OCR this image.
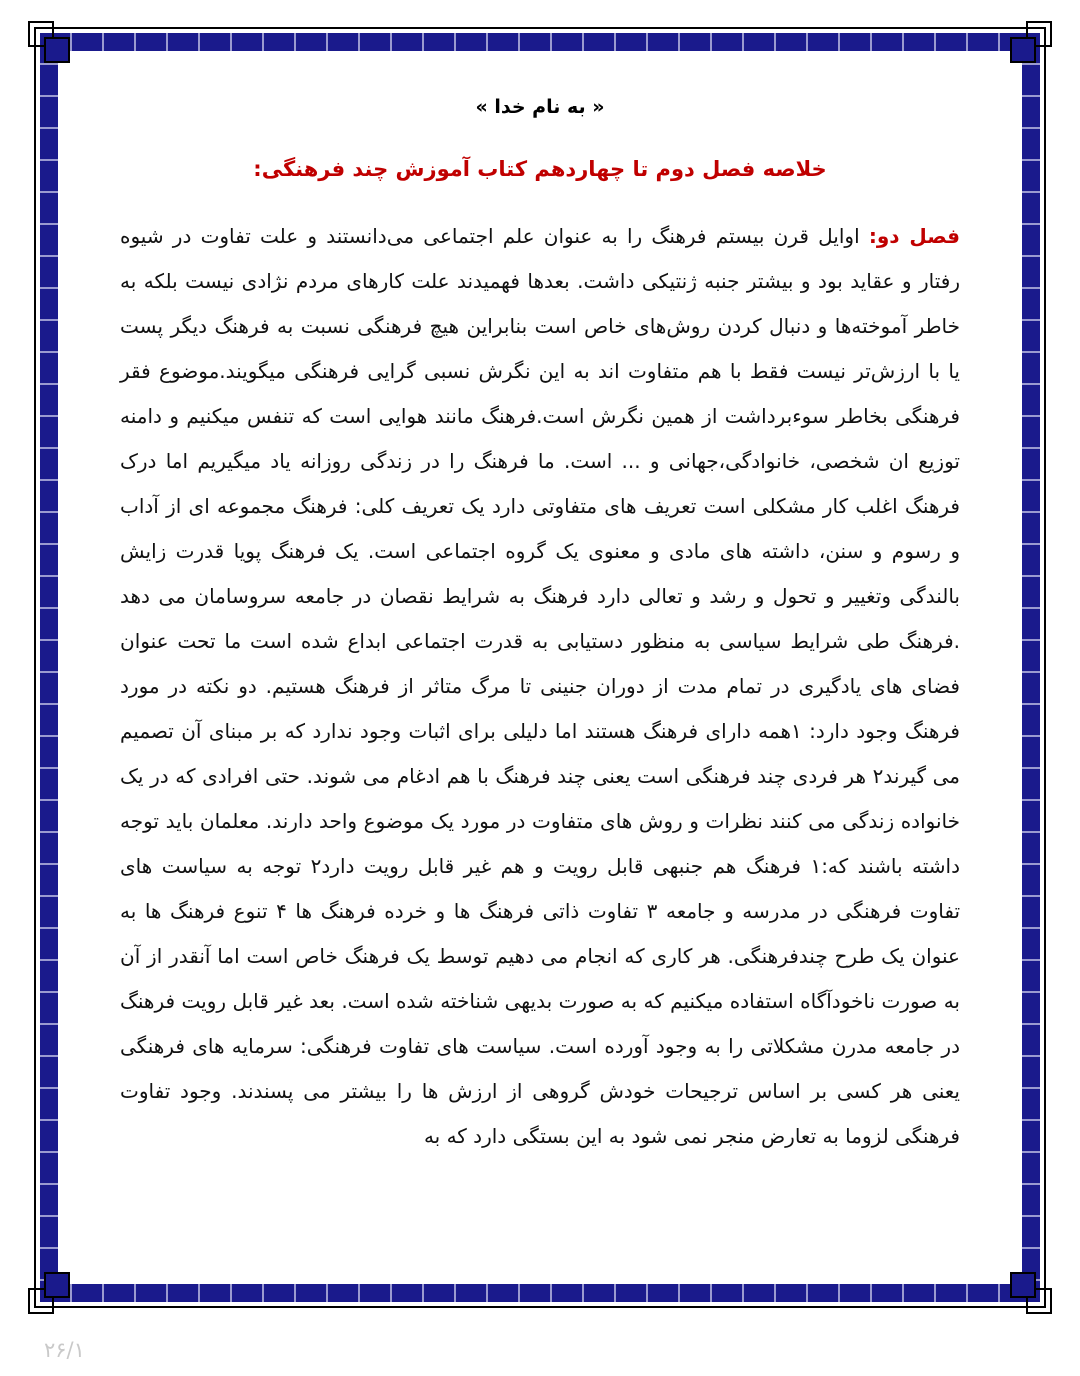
« به نام خدا »

خلاصه فصل دوم تا چهاردهم کتاب آموزش چند فرهنگی:

فصل دو: اوایل قرن بیستم فرهنگ را به عنوان علم اجتماعی می‌دانستند و علت تفاوت در شیوه رفتار و عقاید بود و بیشتر جنبه ژنتیکی داشت. بعدها فهمیدند علت کارهای مردم نژادی نیست بلکه به خاطر آموخته‌ها و دنبال کردن روش‌های خاص است بنابراین هیچ فرهنگی نسبت به فرهنگ دیگر پست یا با ارزش‌تر نیست فقط با هم متفاوت اند به این نگرش نسبی گرایی فرهنگی میگویند.موضوع فقر فرهنگی بخاطر سوءبرداشت از همین نگرش است.فرهنگ مانند هوایی است که تنفس میکنیم و دامنه توزیع ان شخصی، خانوادگی،جهانی و ... است. ما فرهنگ را در زندگی روزانه یاد میگیریم اما درک فرهنگ اغلب کار مشکلی است تعریف های متفاوتی دارد یک تعریف کلی: فرهنگ مجموعه ای از آداب و رسوم و سنن، داشته های مادی و معنوی یک گروه اجتماعی است. یک فرهنگ پویا قدرت زایش بالندگی وتغییر و تحول و رشد و تعالی دارد فرهنگ به شرایط نقصان در جامعه سروسامان می دهد .فرهنگ طی شرایط سیاسی به منظور دستیابی به قدرت اجتماعی ابداع شده است ما تحت عنوان فضای های یادگیری در تمام مدت از دوران جنینی تا مرگ متاثر از فرهنگ هستیم. دو نکته در مورد فرهنگ وجود دارد: ۱همه دارای فرهنگ هستند اما دلیلی برای اثبات وجود ندارد که بر مبنای آن تصمیم می گیرند۲ هر فردی چند فرهنگی است یعنی چند فرهنگ با هم ادغام می شوند. حتی افرادی که در یک خانواده زندگی می کنند نظرات و روش های متفاوت در مورد یک موضوع واحد دارند. معلمان باید توجه داشته باشند که:۱ فرهنگ هم جنبهی قابل رویت و هم غیر قابل رویت دارد۲ توجه به سیاست های تفاوت فرهنگی در مدرسه و جامعه ۳ تفاوت ذاتی فرهنگ ها و خرده فرهنگ ها ۴ تنوع فرهنگ ها به عنوان یک طرح چندفرهنگی. هر کاری که انجام می دهیم توسط یک فرهنگ خاص است اما آنقدر از آن به صورت ناخودآگاه استفاده میکنیم که به صورت بدیهی شناخته شده است. بعد غیر قابل رویت فرهنگ در جامعه مدرن مشکلاتی را به وجود آورده است. سیاست های تفاوت فرهنگی: سرمایه های فرهنگی یعنی هر کسی بر اساس ترجیحات خودش گروهی از ارزش ها را بیشتر می پسندند. وجود تفاوت فرهنگی لزوما به تعارض منجر نمی شود به این بستگی دارد که به

۲۶/۱
